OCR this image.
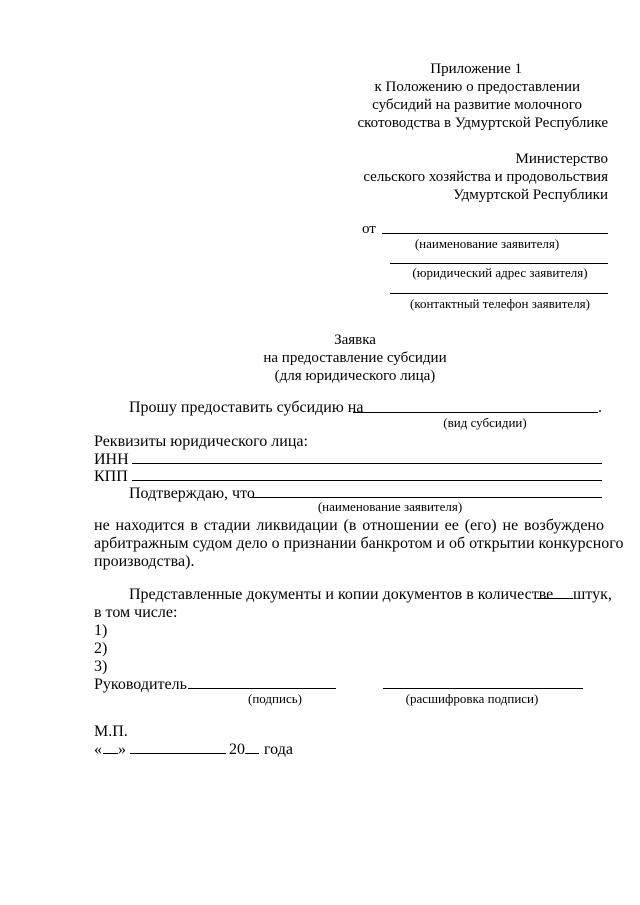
Приложение 1
к Положению о предоставлении
субсидий на развитие молочного
скотоводства в Удмуртской Республике
Министерство
сельского хозяйства и продовольствия
Удмуртской Республики
от
(наименование заявителя)
(юридический адрес заявителя)
(контактный телефон заявителя)
Заявка
на предоставление субсидии
(для юридического лица)
Прошу предоставить субсидию на	.
(вид субсидии)
Реквизиты юридического лица:
ИНН
КПП
Подтверждаю, что
(наименование заявителя)
не находится в стадии ликвидации (в отношении ее (его) не возбуждено
арбитражным судом дело о признании банкротом и об открытии конкурсного
производства).
Представленные документы и копии документов в количестве штук,
в том числе:
1)
2)
3)
Руководитель
(подпись)	(расшифровка подписи)
М.П.
« »	20 года
